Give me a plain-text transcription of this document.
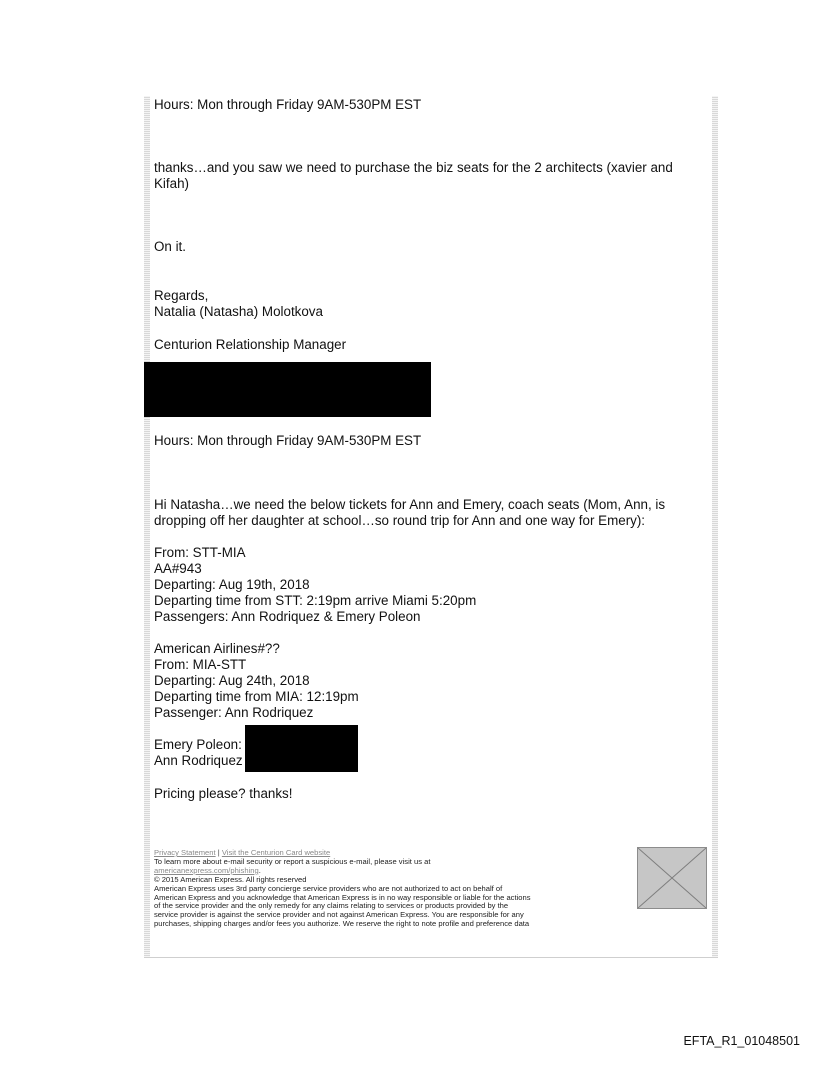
Hours: Mon through Friday 9AM-530PM EST
thanks…and you saw we need to purchase the biz seats for the 2 architects (xavier and Kifah)
On it.
Regards,
Natalia (Natasha) Molotkova
Centurion Relationship Manager
Hours: Mon through Friday 9AM-530PM EST
Hi Natasha…we need the below tickets for Ann and Emery, coach seats (Mom, Ann, is dropping off her daughter at school…so round trip for Ann and one way for Emery):
From: STT-MIA
AA#943
Departing: Aug 19th, 2018
Departing time from STT: 2:19pm arrive Miami 5:20pm
Passengers: Ann Rodriquez & Emery Poleon
American Airlines#??
From: MIA-STT
Departing: Aug 24th, 2018
Departing time from MIA: 12:19pm
Passenger: Ann Rodriquez
Emery Poleon:
Ann Rodriquez
Pricing please? thanks!
Privacy Statement | Visit the Centurion Card website
To learn more about e-mail security or report a suspicious e-mail, please visit us at
americanexpress.com/phishing.
© 2015 American Express. All rights reserved
American Express uses 3rd party concierge service providers who are not authorized to act on behalf of
American Express and you acknowledge that American Express is in no way responsible or liable for the actions
of the service provider and the only remedy for any claims relating to services or products provided by the
service provider is against the service provider and not against American Express. You are responsible for any
purchases, shipping charges and/or fees you authorize. We reserve the right to note profile and preference data
EFTA_R1_01048501
